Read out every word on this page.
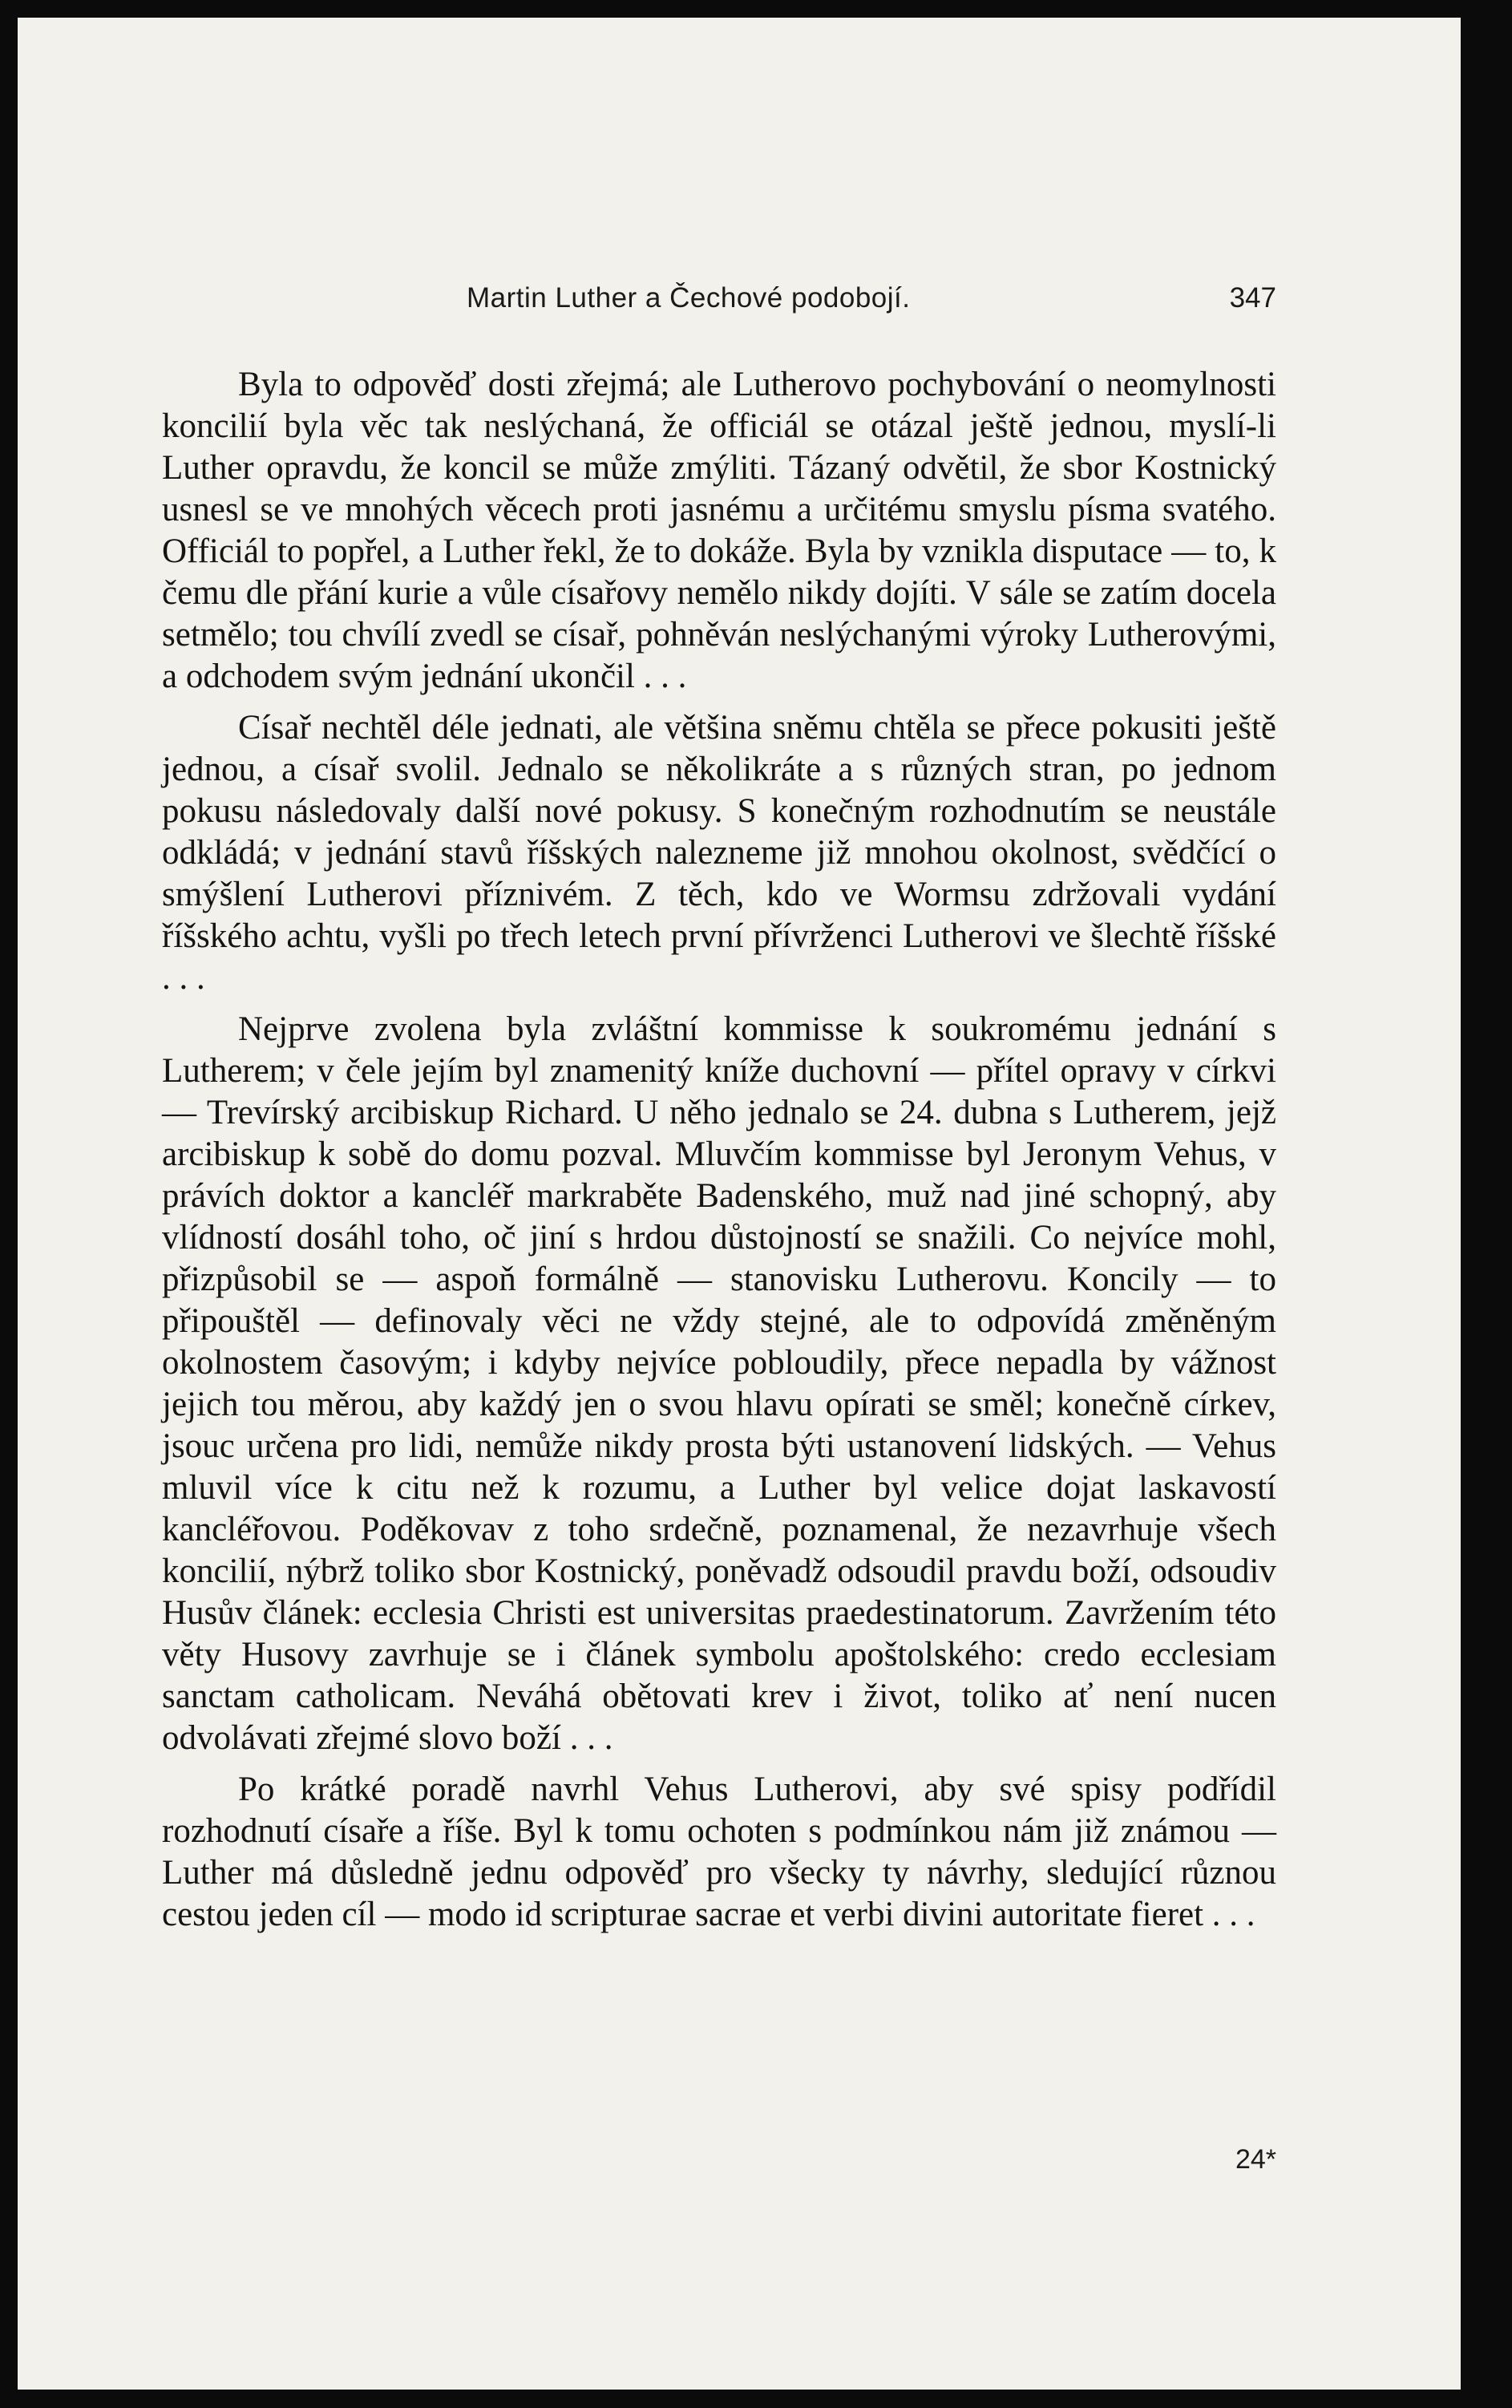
Martin Luther a Čechové podobojí.	347

Byla to odpověď dosti zřejmá; ale Lutherovo pochybování o neomylnosti koncilií byla věc tak neslýchaná, že officiál se otázal ještě jednou, myslí-li Luther opravdu, že koncil se může zmýliti. Tázaný odvětil, že sbor Kostnický usnesl se ve mnohých věcech proti jasnému a určitému smyslu písma svatého. Officiál to popřel, a Luther řekl, že to dokáže. Byla by vznikla disputace — to, k čemu dle přání kurie a vůle císařovy nemělo nikdy dojíti. V sále se zatím docela setmělo; tou chvílí zvedl se císař, pohněván neslýchanými výroky Lutherovými, a odchodem svým jednání ukončil . . .

Císař nechtěl déle jednati, ale většina sněmu chtěla se přece pokusiti ještě jednou, a císař svolil. Jednalo se několikráte a s různých stran, po jednom pokusu následovaly další nové pokusy. S konečným rozhodnutím se neustále odkládá; v jednání stavů říšských nalezneme již mnohou okolnost, svědčící o smýšlení Lutherovi příznivém. Z těch, kdo ve Wormsu zdržovali vydání říšského achtu, vyšli po třech letech první přívrženci Lutherovi ve šlechtě říšské . . .

Nejprve zvolena byla zvláštní kommisse k soukromému jednání s Lutherem; v čele jejím byl znamenitý kníže duchovní — přítel opravy v církvi — Trevírský arcibiskup Richard. U něho jednalo se 24. dubna s Lutherem, jejž arcibiskup k sobě do domu pozval. Mluvčím kommisse byl Jeronym Vehus, v právích doktor a kancléř markraběte Badenského, muž nad jiné schopný, aby vlídností dosáhl toho, oč jiní s hrdou důstojností se snažili. Co nejvíce mohl, přizpůsobil se — aspoň formálně — stanovisku Lutherovu. Koncily — to připouštěl — definovaly věci ne vždy stejné, ale to odpovídá změněným okolnostem časovým; i kdyby nejvíce pobloudily, přece nepadla by vážnost jejich tou měrou, aby každý jen o svou hlavu opírati se směl; konečně církev, jsouc určena pro lidi, nemůže nikdy prosta býti ustanovení lidských. — Vehus mluvil více k citu než k rozumu, a Luther byl velice dojat laskavostí kancléřovou. Poděkovav z toho srdečně, poznamenal, že nezavrhuje všech koncilií, nýbrž toliko sbor Kostnický, poněvadž odsoudil pravdu boží, odsoudiv Husův článek: ecclesia Christi est universitas praedestinatorum. Zavržením této věty Husovy zavrhuje se i článek symbolu apoštolského: credo ecclesiam sanctam catholicam. Neváhá obětovati krev i život, toliko ať není nucen odvolávati zřejmé slovo boží . . .

Po krátké poradě navrhl Vehus Lutherovi, aby své spisy podřídil rozhodnutí císaře a říše. Byl k tomu ochoten s podmínkou nám již známou — Luther má důsledně jednu odpověď pro všecky ty návrhy, sledující různou cestou jeden cíl — modo id scripturae sacrae et verbi divini autoritate fieret . . .

24*
